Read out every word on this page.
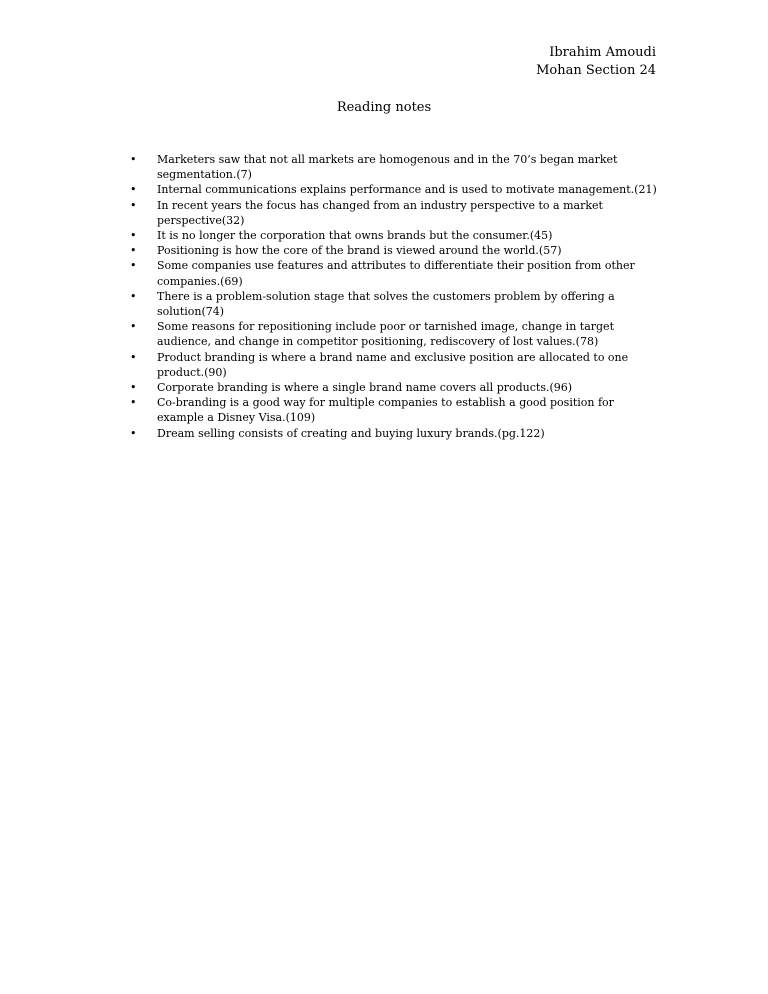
Ibrahim Amoudi
Mohan Section 24
Reading notes
• Marketers saw that not all markets are homogenous and in the 70’s began market segmentation.(7)
• Internal communications explains performance and is used to motivate management.(21)
• In recent years the focus has changed from an industry perspective to a market perspective(32)
• It is no longer the corporation that owns brands but the consumer.(45)
• Positioning is how the core of the brand is viewed around the world.(57)
• Some companies use features and attributes to differentiate their position from other companies.(69)
• There is a problem-solution stage that solves the customers problem by offering a solution(74)
• Some reasons for repositioning include poor or tarnished image, change in target audience, and change in competitor positioning, rediscovery of lost values.(78)
• Product branding is where a brand name and exclusive position are allocated to one product.(90)
• Corporate branding is where a single brand name covers all products.(96)
• Co-branding is a good way for multiple companies to establish a good position for example a Disney Visa.(109)
• Dream selling consists of creating and buying luxury brands.(pg.122)
